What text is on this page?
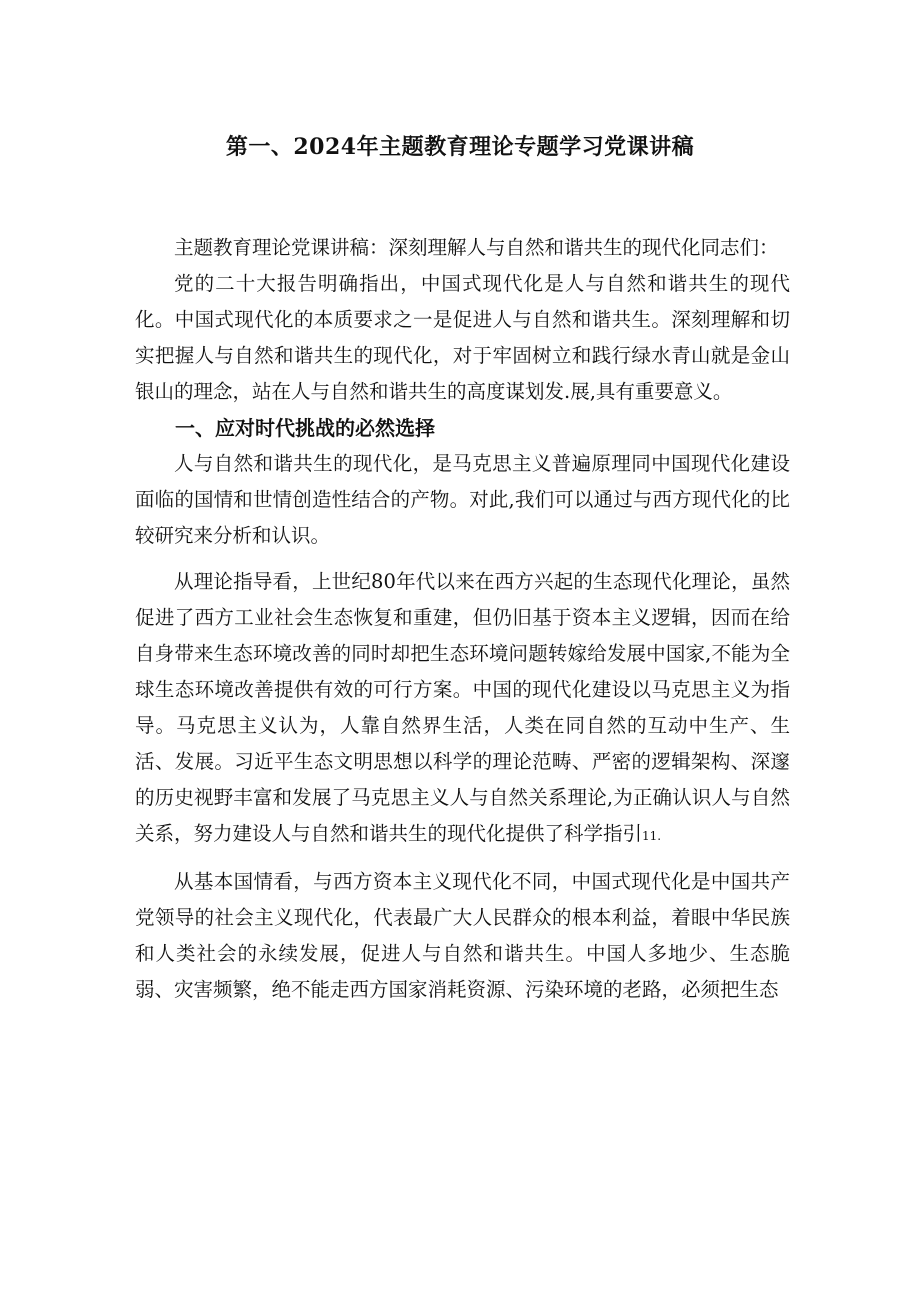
第一、2024年主题教育理论专题学习党课讲稿

主题教育理论党课讲稿：深刻理解人与自然和谐共生的现代化同志们：

党的二十大报告明确指出，中国式现代化是人与自然和谐共生的现代化。中国式现代化的本质要求之一是促进人与自然和谐共生。深刻理解和切实把握人与自然和谐共生的现代化，对于牢固树立和践行绿水青山就是金山银山的理念，站在人与自然和谐共生的高度谋划发.展,具有重要意义。

一、应对时代挑战的必然选择

人与自然和谐共生的现代化，是马克思主义普遍原理同中国现代化建设面临的国情和世情创造性结合的产物。对此,我们可以通过与西方现代化的比较研究来分析和认识。

从理论指导看，上世纪80年代以来在西方兴起的生态现代化理论，虽然促进了西方工业社会生态恢复和重建，但仍旧基于资本主义逻辑，因而在给自身带来生态环境改善的同时却把生态环境问题转嫁给发展中国家,不能为全球生态环境改善提供有效的可行方案。中国的现代化建设以马克思主义为指导。马克思主义认为，人靠自然界生活，人类在同自然的互动中生产、生活、发展。习近平生态文明思想以科学的理论范畴、严密的逻辑架构、深邃的历史视野丰富和发展了马克思主义人与自然关系理论,为正确认识人与自然关系，努力建设人与自然和谐共生的现代化提供了科学指引11.

从基本国情看，与西方资本主义现代化不同，中国式现代化是中国共产党领导的社会主义现代化，代表最广大人民群众的根本利益，着眼中华民族和人类社会的永续发展，促进人与自然和谐共生。中国人多地少、生态脆弱、灾害频繁，绝不能走西方国家消耗资源、污染环境的老路，必须把生态
